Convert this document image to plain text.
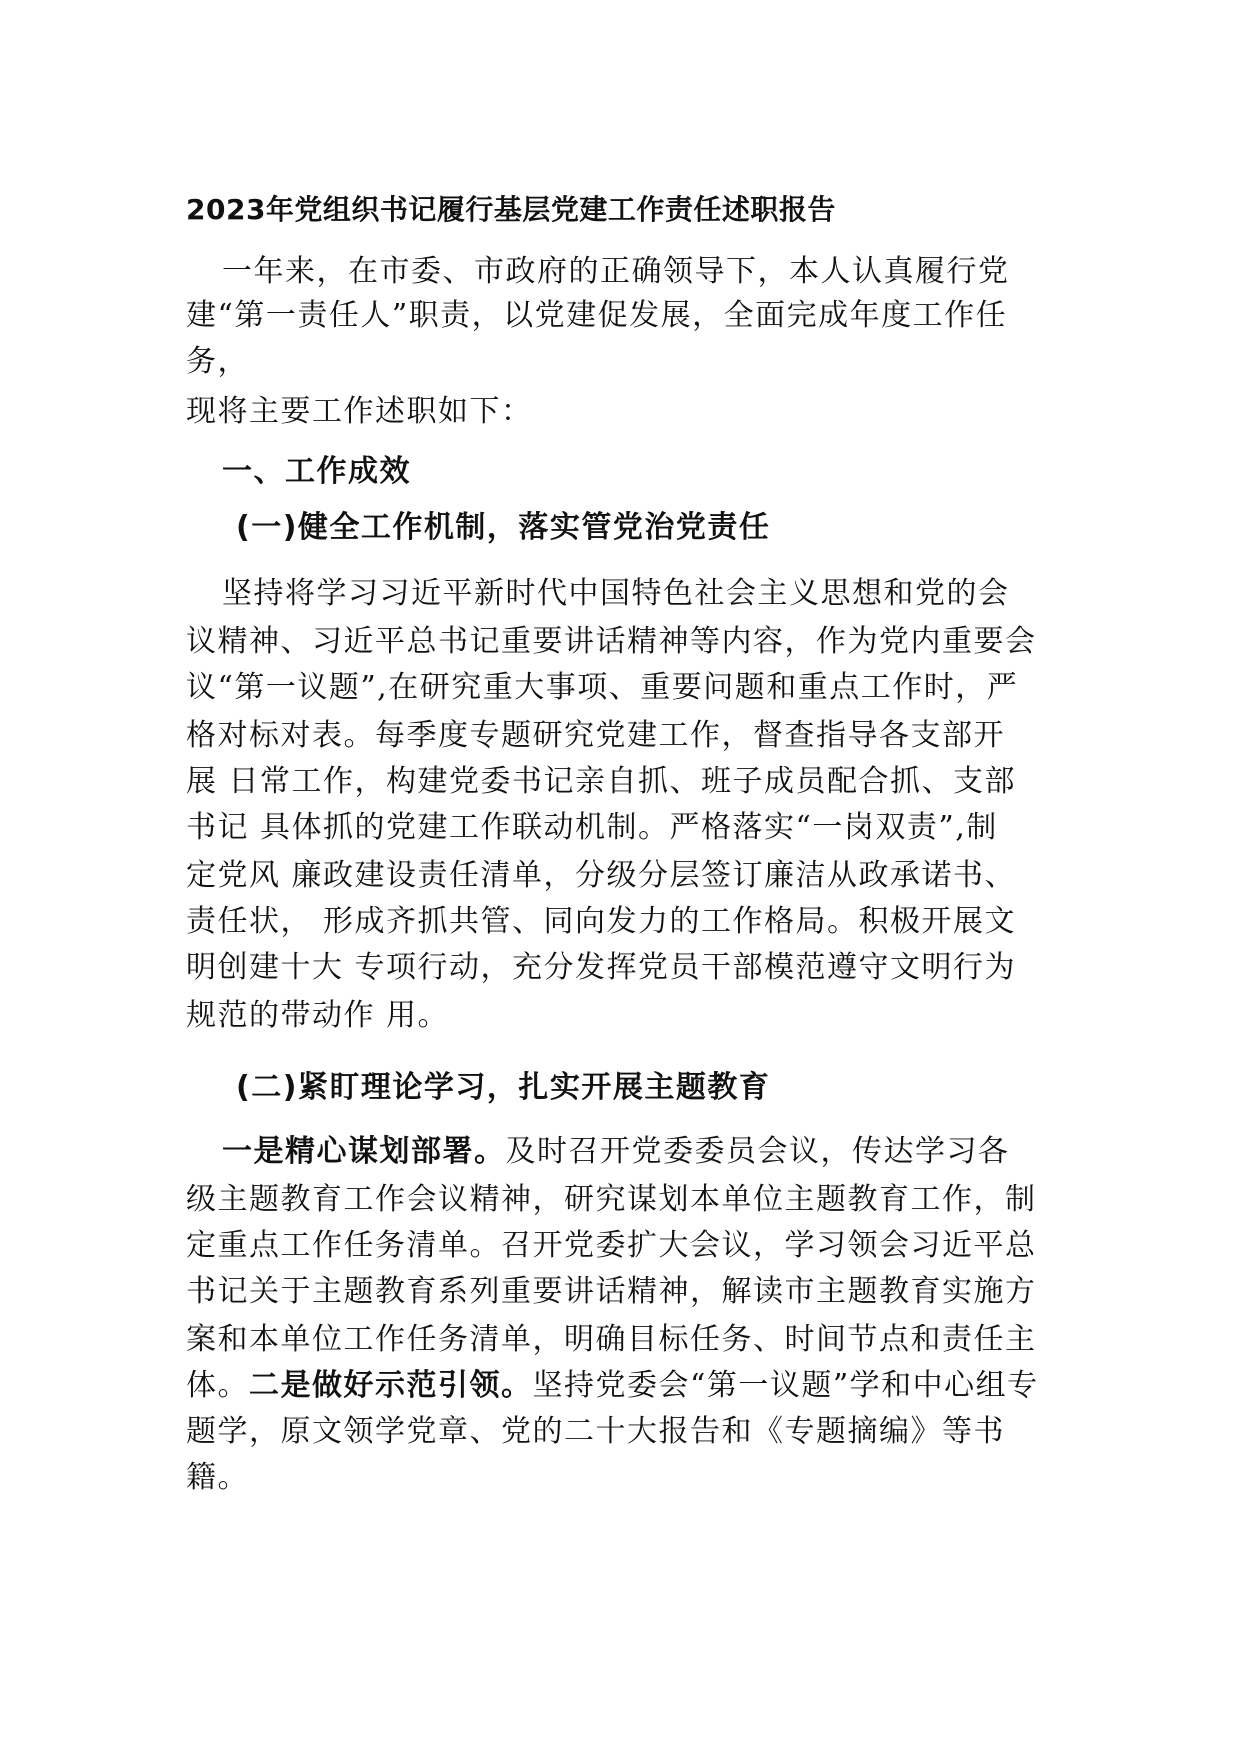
2023年党组织书记履行基层党建工作责任述职报告
一年来，在市委、市政府的正确领导下，本人认真履行党
建“第一责任人”职责，以党建促发展，全面完成年度工作任
务，
现将主要工作述职如下：
一、工作成效
(一)健全工作机制，落实管党治党责任
坚持将学习习近平新时代中国特色社会主义思想和党的会
议精神、习近平总书记重要讲话精神等内容，作为党内重要会
议“第一议题”,在研究重大事项、重要问题和重点工作时，严
格对标对表。每季度专题研究党建工作，督查指导各支部开
展 日常工作，构建党委书记亲自抓、班子成员配合抓、支部
书记 具体抓的党建工作联动机制。严格落实“一岗双责”,制
定党风 廉政建设责任清单，分级分层签订廉洁从政承诺书、
责任状， 形成齐抓共管、同向发力的工作格局。积极开展文
明创建十大 专项行动，充分发挥党员干部模范遵守文明行为
规范的带动作 用。
(二)紧盯理论学习，扎实开展主题教育
一是精心谋划部署。及时召开党委委员会议，传达学习各
级主题教育工作会议精神，研究谋划本单位主题教育工作，制
定重点工作任务清单。召开党委扩大会议，学习领会习近平总
书记关于主题教育系列重要讲话精神，解读市主题教育实施方
案和本单位工作任务清单，明确目标任务、时间节点和责任主
体。二是做好示范引领。坚持党委会“第一议题”学和中心组专
题学，原文领学党章、党的二十大报告和《专题摘编》等书
籍。
